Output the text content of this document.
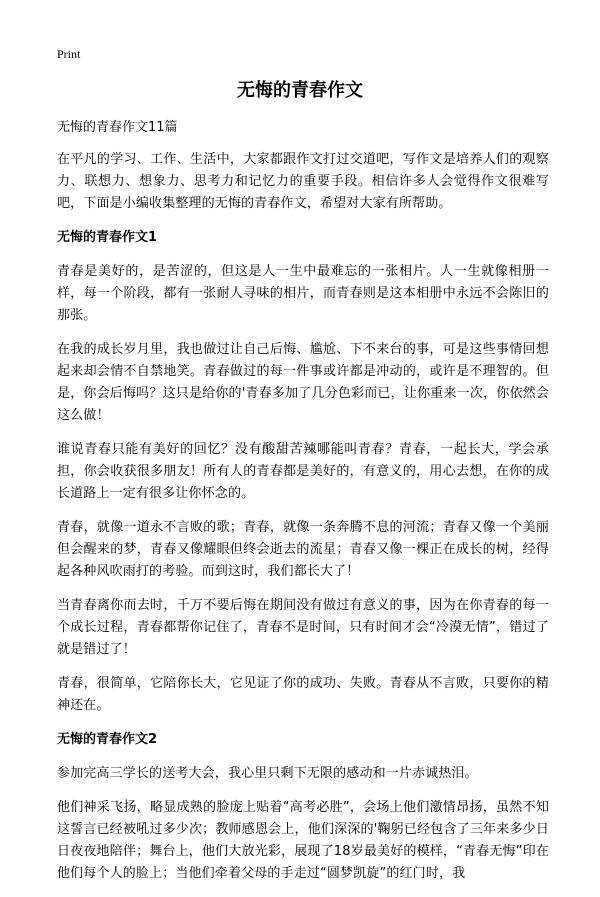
Print
无悔的青春作文
无悔的青春作文11篇

在平凡的学习、工作、生活中，大家都跟作文打过交道吧，写作文是培养人们的观察力、联想力、想象力、思考力和记忆力的重要手段。相信许多人会觉得作文很难写吧，下面是小编收集整理的无悔的青春作文，希望对大家有所帮助。

无悔的青春作文1

青春是美好的，是苦涩的，但这是人一生中最难忘的一张相片。人一生就像相册一样，每一个阶段，都有一张耐人寻味的相片，而青春则是这本相册中永远不会陈旧的那张。

在我的成长岁月里，我也做过让自己后悔、尴尬、下不来台的事，可是这些事情回想起来却会情不自禁地笑。青春做过的每一件事或许都是冲动的，或许是不理智的。但是，你会后悔吗？这只是给你的'青春多加了几分色彩而已，让你重来一次，你依然会这么做！

谁说青春只能有美好的回忆？没有酸甜苦辣哪能叫青春？青春，一起长大，学会承担，你会收获很多朋友！所有人的青春都是美好的，有意义的，用心去想，在你的成长道路上一定有很多让你怀念的。

青春，就像一道永不言败的歌；青春，就像一条奔腾不息的河流；青春又像一个美丽但会醒来的梦，青春又像耀眼但终会逝去的流星；青春又像一棵正在成长的树，经得起各种风吹雨打的考验。而到这时，我们都长大了！

当青春离你而去时，千万不要后悔在期间没有做过有意义的事，因为在你青春的每一个成长过程，青春都帮你记住了，青春不是时间，只有时间才会“冷漠无情”，错过了就是错过了！

青春，很简单，它陪你长大，它见证了你的成功、失败。青春从不言败，只要你的精神还在。

无悔的青春作文2

参加完高三学长的送考大会，我心里只剩下无限的感动和一片赤诚热泪。

他们神采飞扬，略显成熟的脸庞上贴着“高考必胜”，会场上他们激情昂扬，虽然不知这誓言已经被吼过多少次；教师感恩会上，他们深深的'鞠躬已经包含了三年来多少日日夜夜地陪伴；舞台上，他们大放光彩，展现了18岁最美好的模样，“青春无悔”印在他们每个人的脸上；当他们牵着父母的手走过“圆梦凯旋”的红门时，我
